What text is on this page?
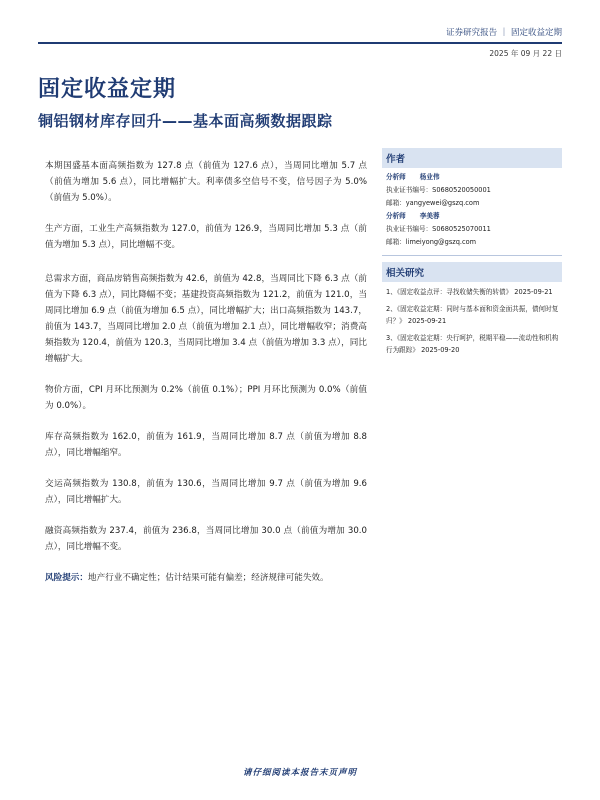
证券研究报告 ｜ 固定收益定期
2025 年 09 月 22 日
固定收益定期
铜铝钢材库存回升——基本面高频数据跟踪

本期国盛基本面高频指数为 127.8 点（前值为 127.6 点），当周同比增加 5.7 点（前值为增加 5.6 点），同比增幅扩大。利率债多空信号不变，信号因子为 5.0%（前值为 5.0%）。

生产方面，工业生产高频指数为 127.0，前值为 126.9，当周同比增加 5.3 点（前值为增加 5.3 点），同比增幅不变。

总需求方面，商品房销售高频指数为 42.6，前值为 42.8，当周同比下降 6.3 点（前值为下降 6.3 点），同比降幅不变；基建投资高频指数为 121.2，前值为 121.0，当周同比增加 6.9 点（前值为增加 6.5 点），同比增幅扩大；出口高频指数为 143.7，前值为 143.7，当周同比增加 2.0 点（前值为增加 2.1 点），同比增幅收窄；消费高频指数为 120.4，前值为 120.3，当周同比增加 3.4 点（前值为增加 3.3 点），同比增幅扩大。

物价方面，CPI 月环比预测为 0.2%（前值 0.1%）；PPI 月环比预测为 0.0%（前值为 0.0%）。

库存高频指数为 162.0，前值为 161.9，当周同比增加 8.7 点（前值为增加 8.8 点），同比增幅缩窄。

交运高频指数为 130.8，前值为 130.6，当周同比增加 9.7 点（前值为增加 9.6 点），同比增幅扩大。

融资高频指数为 237.4，前值为 236.8，当周同比增加 30.0 点（前值为增加 30.0 点），同比增幅不变。

风险提示：地产行业不确定性；估计结果可能有偏差；经济规律可能失效。
作者
分析师 杨业伟
执业证书编号：S0680520050001
邮箱：yangyewei@gszq.com
分析师 李美蓉
执业证书编号：S0680525070011
邮箱：limeiyong@gszq.com
相关研究
1、《固定收益点评：寻找收储失衡的转债》 2025-09-21
2、《固定收益定期：同时与基本面和资金面共振，债何时复归？》 2025-09-21
3、《固定收益定期：央行呵护，税期平稳——流动性和机构行为跟踪》 2025-09-20
请仔细阅读本报告末页声明
